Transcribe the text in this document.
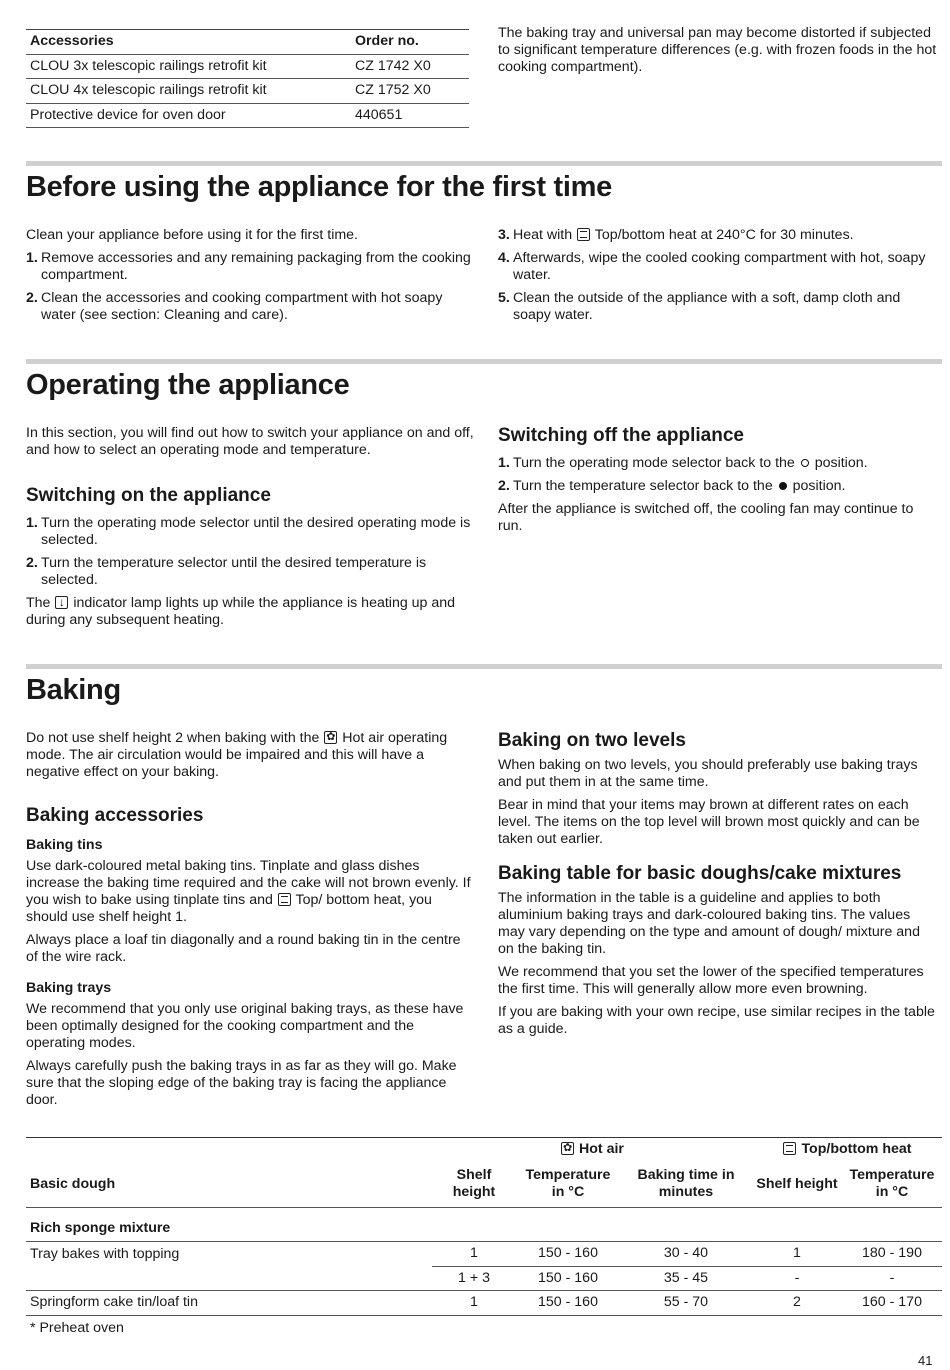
Accessories	Order no.
CLOU 3x telescopic railings retrofit kit	CZ 1742 X0
CLOU 4x telescopic railings retrofit kit	CZ 1752 X0
Protective device for oven door	440651

The baking tray and universal pan may become distorted if subjected to significant temperature differences (e.g. with frozen foods in the hot cooking compartment).

Before using the appliance for the first time

Clean your appliance before using it for the first time.

1. Remove accessories and any remaining packaging from the cooking compartment.
2. Clean the accessories and cooking compartment with hot soapy water (see section: Cleaning and care).
3. Heat with  Top/bottom heat at 240°C for 30 minutes.
4. Afterwards, wipe the cooled cooking compartment with hot, soapy water.
5. Clean the outside of the appliance with a soft, damp cloth and soapy water.
Operating the appliance

In this section, you will find out how to switch your appliance on and off, and how to select an operating mode and temperature.

Switching on the appliance
1. Turn the operating mode selector until the desired operating mode is selected.
2. Turn the temperature selector until the desired temperature is selected.

The ↓ indicator lamp lights up while the appliance is heating up and during any subsequent heating.

Switching off the appliance
1. Turn the operating mode selector back to the  position.
2. Turn the temperature selector back to the  position.

After the appliance is switched off, the cooling fan may continue to run.

Baking

Do not use shelf height 2 when baking with the ✿ Hot air operating mode. The air circulation would be impaired and this will have a negative effect on your baking.

Baking accessories
Baking tins

Use dark-coloured metal baking tins. Tinplate and glass dishes increase the baking time required and the cake will not brown evenly. If you wish to bake using tinplate tins and  Top/ bottom heat, you should use shelf height 1.

Always place a loaf tin diagonally and a round baking tin in the centre of the wire rack.

Baking trays

We recommend that you only use original baking trays, as these have been optimally designed for the cooking compartment and the operating modes.

Always carefully push the baking trays in as far as they will go. Make sure that the sloping edge of the baking tray is facing the appliance door.

Baking on two levels

When baking on two levels, you should preferably use baking trays and put them in at the same time.

Bear in mind that your items may brown at different rates on each level. The items on the top level will brown most quickly and can be taken out earlier.

Baking table for basic doughs/cake mixtures

The information in the table is a guideline and applies to both aluminium baking trays and dark-coloured baking tins. The values may vary depending on the type and amount of dough/ mixture and on the baking tin.

We recommend that you set the lower of the specified temperatures the first time. This will generally allow more even browning.

If you are baking with your own recipe, use similar recipes in the table as a guide.

	✿ Hot air			Top/bottom heat	
Basic dough	Shelf height	Temperature in °C	Baking time in minutes	Shelf height	Temperature in °C
Rich sponge mixture					
Tray bakes with topping	1	150 - 160	30 - 40	1	180 - 190
	1 + 3	150 - 160	35 - 45	-	-
Springform cake tin/loaf tin	1	150 - 160	55 - 70	2	160 - 170

* Preheat oven

41
